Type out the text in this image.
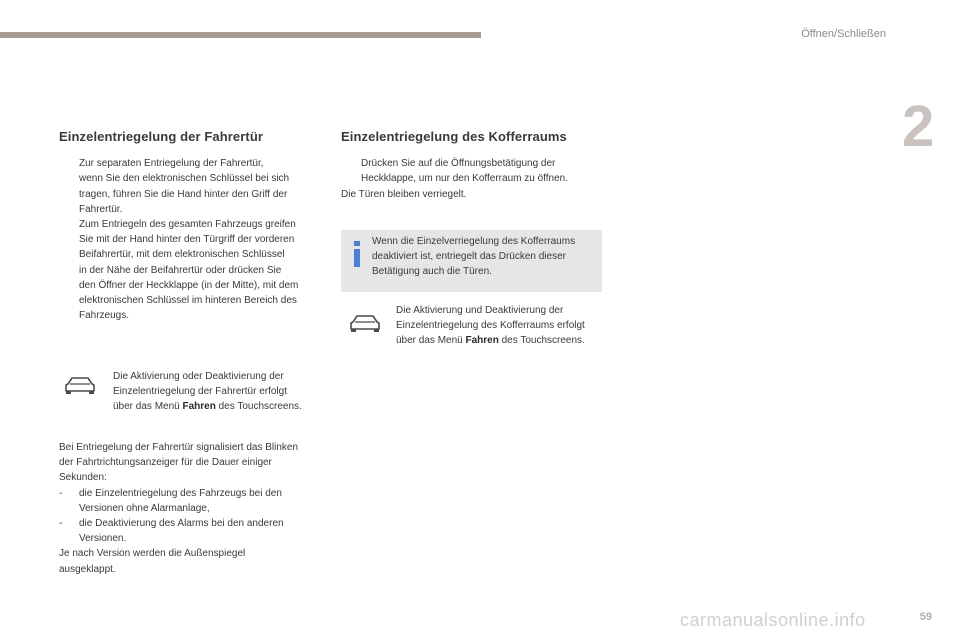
Öffnen/Schließen
2
Einzelentriegelung der Fahrertür
Zur separaten Entriegelung der Fahrertür,
wenn Sie den elektronischen Schlüssel bei sich
tragen, führen Sie die Hand hinter den Griff der
Fahrertür.
Zum Entriegeln des gesamten Fahrzeugs greifen
Sie mit der Hand hinter den Türgriff der vorderen
Beifahrertür, mit dem elektronischen Schlüssel
in der Nähe der Beifahrertür oder drücken Sie
den Öffner der Heckklappe (in der Mitte), mit dem
elektronischen Schlüssel im hinteren Bereich des
Fahrzeugs.
Die Aktivierung oder Deaktivierung der
Einzelentriegelung der Fahrertür erfolgt
über das Menü Fahren des Touchscreens.
Bei Entriegelung der Fahrertür signalisiert das Blinken
der Fahrtrichtungsanzeiger für die Dauer einiger
Sekunden:
- die Einzelentriegelung des Fahrzeugs bei den
Versionen ohne Alarmanlage,
- die Deaktivierung des Alarms bei den anderen
Versionen.
Je nach Version werden die Außenspiegel
ausgeklappt.
Einzelentriegelung des Kofferraums
Drücken Sie auf die Öffnungsbetätigung der
Heckklappe, um nur den Kofferraum zu öffnen.
Die Türen bleiben verriegelt.
Wenn die Einzelverriegelung des Kofferraums
deaktiviert ist, entriegelt das Drücken dieser
Betätigung auch die Türen.
Die Aktivierung und Deaktivierung der
Einzelentriegelung des Kofferraums erfolgt
über das Menü Fahren des Touchscreens.
59
carmanualsonline.info
